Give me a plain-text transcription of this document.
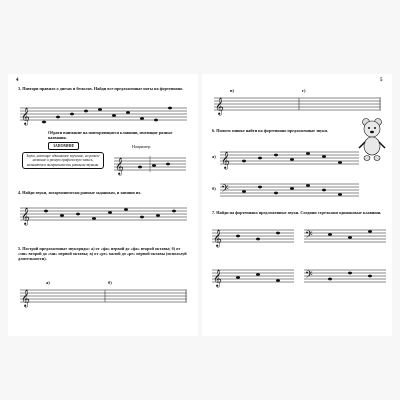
4
3. Повтори правило о диезах и бемолях. Найди все предложенные ноты на фортепиано.
𝄞
Обрати внимание на повторяющиеся клавиши, имеющие разные названия.
ЗАПОМНИ!	Например:
Звуки, имеющие одинаковое звучание, но разное название и разную графическую запись, называются энгармонически равными звуками.	𝄞
4. Найди звуки, энгармонически равные заданным, и запиши их.
𝄞
5. Построй предложенные звукоряды: а) от «фа» первой до «фа» второй октавы; б) от «ми» второй до «ми» первой октавы; в) от «ре» малой до «ре» первой октавы (используй длительности).
а)	б)
𝄞
5
в)	г)
𝄞
6. Помоги мишке найти на фортепиано предложенные звуки.
а) 𝄞
б) 𝄢
7. Найди на фортепиано предложенные звуки. Соедини стрелками одинаковые клавиши.
𝄞	𝄢
𝄞	𝄢
